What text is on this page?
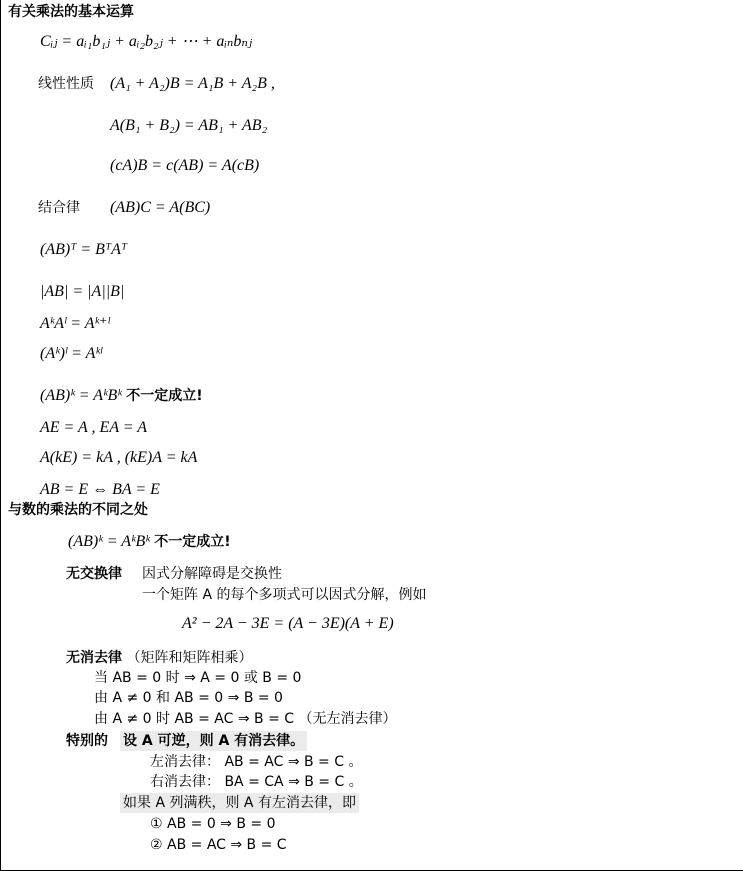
有关乘法的基本运算
Cᵢⱼ = aᵢ₁b₁ⱼ + aᵢ₂b₂ⱼ + ⋯ + aᵢₙbₙⱼ
线性性质 (A₁ + A₂)B = A₁B + A₂B ,
A(B₁ + B₂) = AB₁ + AB₂
(cA)B = c(AB) = A(cB)
结合律 (AB)C = A(BC)
(AB)ᵀ = BᵀAᵀ
|AB| = |A||B|
AᵏAˡ = Aᵏ⁺ˡ
(Aᵏ)ˡ = Aᵏˡ
(AB)ᵏ = AᵏBᵏ 不一定成立!
AE = A , EA = A
A(kE) = kA , (kE)A = kA
AB = E ⇔ BA = E
与数的乘法的不同之处
(AB)ᵏ = AᵏBᵏ 不一定成立!
无交换律 因式分解障碍是交换性
一个矩阵 A 的每个多项式可以因式分解，例如
A² − 2A − 3E = (A − 3E)(A + E)
无消去律 （矩阵和矩阵相乘）
当 AB = 0 时 ⇒ A = 0 或 B = 0
由 A ≠ 0 和 AB = 0 ⇒ B = 0
由 A ≠ 0 时 AB = AC ⇒ B = C （无左消去律）
特别的 设 A 可逆，则 A 有消去律。
左消去律： AB = AC ⇒ B = C 。
右消去律： BA = CA ⇒ B = C 。
如果 A 列满秩，则 A 有左消去律，即
① AB = 0 ⇒ B = 0
② AB = AC ⇒ B = C
